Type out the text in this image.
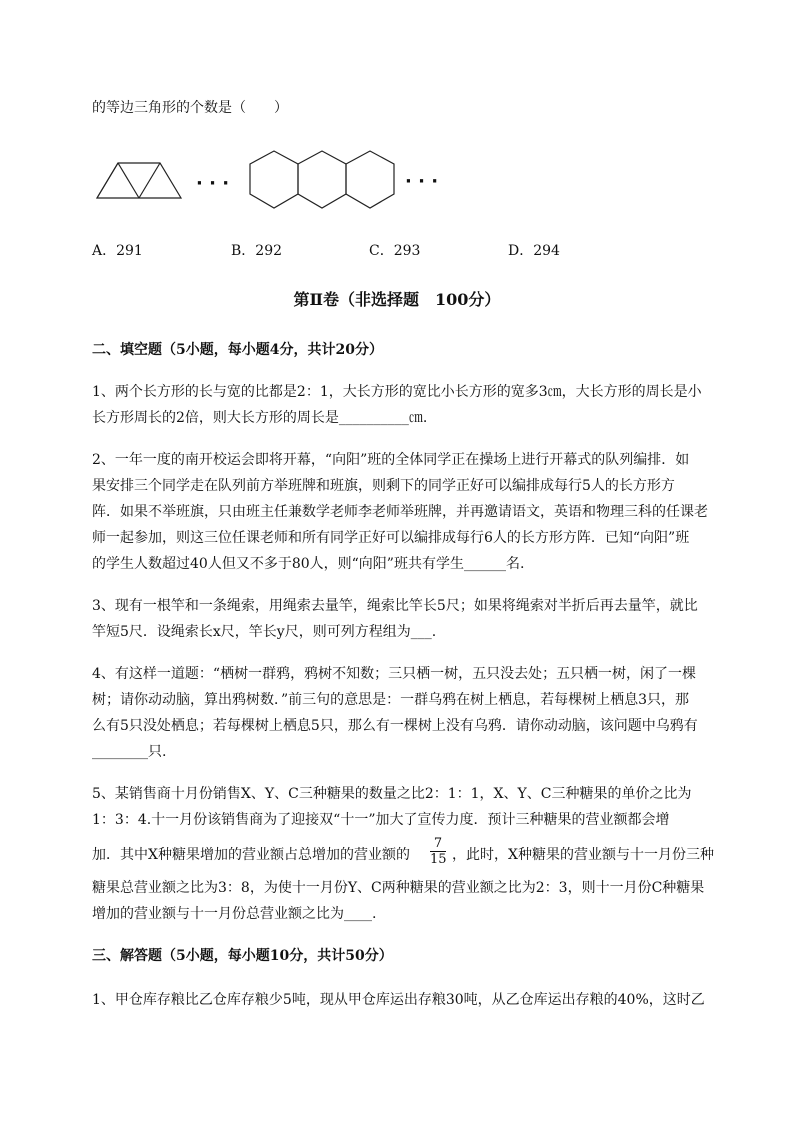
的等边三角形的个数是（　　）
· · ·	· · ·
A．291	B．292	C．293	D．294
第Ⅱ卷（非选择题　100分）
二、填空题（5小题，每小题4分，共计20分）
1、两个长方形的长与宽的比都是2：1，大长方形的宽比小长方形的宽多3㎝，大长方形的周长是小
长方形周长的2倍，则大长方形的周长是__________㎝.
2、一年一度的南开校运会即将开幕，“向阳”班的全体同学正在操场上进行开幕式的队列编排．如
果安排三个同学走在队列前方举班牌和班旗，则剩下的同学正好可以编排成每行5人的长方形方
阵．如果不举班旗，只由班主任兼数学老师李老师举班牌，并再邀请语文，英语和物理三科的任课老
师一起参加，则这三位任课老师和所有同学正好可以编排成每行6人的长方形方阵．已知“向阳”班
的学生人数超过40人但又不多于80人，则“向阳”班共有学生______名.
3、现有一根竿和一条绳索，用绳索去量竿，绳索比竿长5尺；如果将绳索对半折后再去量竿，就比
竿短5尺．设绳索长x尺，竿长y尺，则可列方程组为___.
4、有这样一道题：“栖树一群鸦，鸦树不知数；三只栖一树，五只没去处；五只栖一树，闲了一棵
树；请你动动脑，算出鸦树数．”前三句的意思是：一群乌鸦在树上栖息，若每棵树上栖息3只，那
么有5只没处栖息；若每棵树上栖息5只，那么有一棵树上没有乌鸦．请你动动脑，该问题中乌鸦有
________只.
5、某销售商十月份销售X、Y、C三种糖果的数量之比2：1：1，X、Y、C三种糖果的单价之比为
1：3：4.十一月份该销售商为了迎接双“十一”加大了宣传力度．预计三种糖果的营业额都会增
加．其中X种糖果增加的营业额占总增加的营业额的 $\frac{7}{15}$ ，此时，X种糖果的营业额与十一月份三种
糖果总营业额之比为3：8，为使十一月份Y、C两种糖果的营业额之比为2：3，则十一月份C种糖果
增加的营业额与十一月份总营业额之比为____.
三、解答题（5小题，每小题10分，共计50分）
1、甲仓库存粮比乙仓库存粮少5吨，现从甲仓库运出存粮30吨，从乙仓库运出存粮的40%，这时乙
